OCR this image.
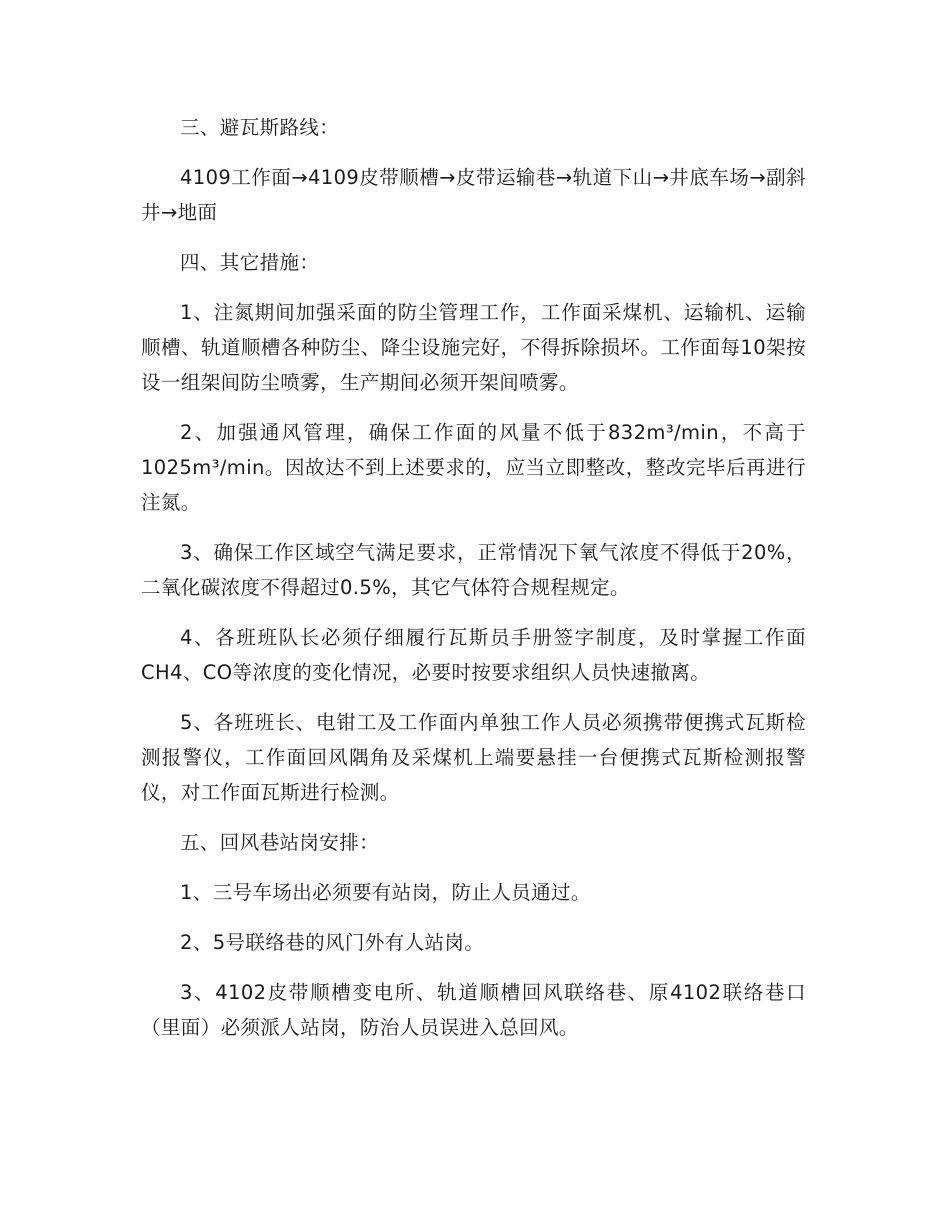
三、避瓦斯路线：

4109工作面→4109皮带顺槽→皮带运输巷→轨道下山→井底车场→副斜井→地面

四、其它措施：

1、注氮期间加强采面的防尘管理工作，工作面采煤机、运输机、运输顺槽、轨道顺槽各种防尘、降尘设施完好，不得拆除损坏。工作面每10架按设一组架间防尘喷雾，生产期间必须开架间喷雾。

2、加强通风管理，确保工作面的风量不低于832m³/min，不高于1025m³/min。因故达不到上述要求的，应当立即整改，整改完毕后再进行注氮。

3、确保工作区域空气满足要求，正常情况下氧气浓度不得低于20%，二氧化碳浓度不得超过0.5%，其它气体符合规程规定。

4、各班班队长必须仔细履行瓦斯员手册签字制度，及时掌握工作面CH4、CO等浓度的变化情况，必要时按要求组织人员快速撤离。

5、各班班长、电钳工及工作面内单独工作人员必须携带便携式瓦斯检测报警仪，工作面回风隅角及采煤机上端要悬挂一台便携式瓦斯检测报警仪，对工作面瓦斯进行检测。

五、回风巷站岗安排：

1、三号车场出必须要有站岗，防止人员通过。

2、5号联络巷的风门外有人站岗。

3、4102皮带顺槽变电所、轨道顺槽回风联络巷、原4102联络巷口（里面）必须派人站岗，防治人员误进入总回风。
